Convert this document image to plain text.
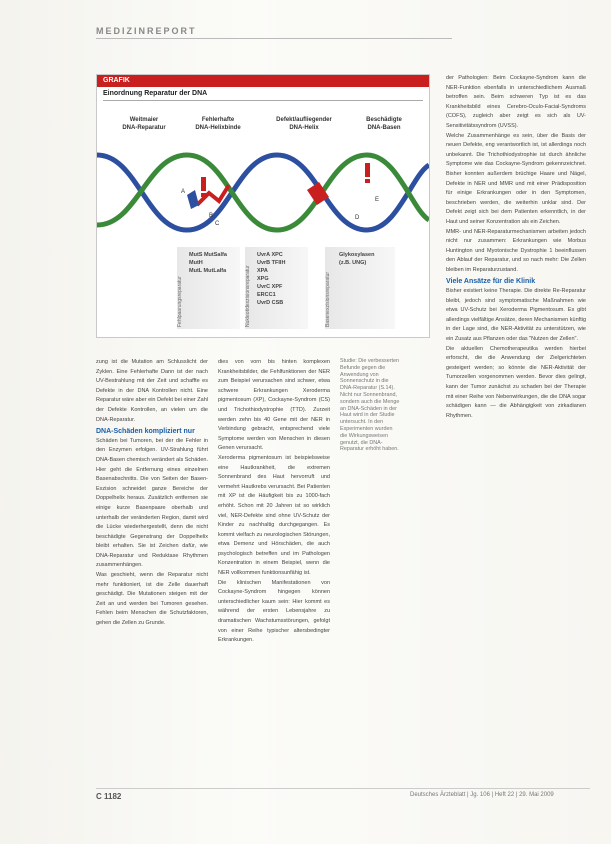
MEDIZINREPORT
GRAFIK
Einordnung Reparatur der DNA
Weitmaier
DNA-Reparatur
Fehlerhafte
DNA-Helixbinde
Defekt/aufliegender
DNA-Helix
Beschädigte
DNA-Basen
A
B
C
D
E
Fehlpaarungsreparatur	Nukleotidexzisionsreparatur	Basenexzisionsreparatur
MutS MutSalfa
MutH
MutL MutLalfa
UvrA XPC
UvrB TFIIH
XPA
XPG
UvrC XPF
ERCC1
UvrD CSB
Glykosylasen
(z.B. UNG)

der Pathologien: Beim Cockayne-Syndrom kann die NER-Funktion ebenfalls in unterschiedlichem Ausmaß betroffen sein. Beim schweren Typ ist es das Krankheitsbild eines Cerebro-Oculo-Facial-Syndroms (COFS), zugleich aber zeigt es sich als UV-Sensitivitätssyndrom (UVSS).

Welche Zusammenhänge es sein, über die Basis der neuen Defekte, eng verantwortlich ist, ist allerdings noch unbekannt. Die Trichothiodystrophie ist durch ähnliche Symptome wie das Cockayne-Syndrom gekennzeichnet. Bisher konnten außerdem brüchige Haare und Nägel, Defekte in NER und MMR und mit einer Prädisposition für einige Erkrankungen oder in den Symptomen, beschrieben werden, die weiterhin unklar sind. Der Defekt zeigt sich bei dem Patienten erkenntlich, in der Haut und seiner Konzentration als ein Zeichen.

MMR- und NER-Reparaturmechanismen arbeiten jedoch nicht nur zusammen: Erkrankungen wie Morbus Huntington und Myotonische Dystrophie 1 beeinflussen den Ablauf der Reparatur, und so nach mehr: Die Zellen bleiben im Reparaturzustand.

Viele Ansätze für die Klinik

Bisher existiert keine Therapie. Die direkte Re-Reparatur bleibt, jedoch sind symptomatische Maßnahmen wie etwa UV-Schutz bei Xeroderma Pigmentosum. Es gibt allerdings vielfältige Ansätze, deren Mechanismen künftig in der Lage sind, die NER-Aktivität zu unterstützen, wie ein Zusatz aus Pflanzen oder das "Nutzen der Zellen".

Die aktuellen Chemotherapeutika werden hierbei erforscht, die die Anwendung der Zielgerichteten gesteigert werden; so könnte die NER-Aktivität der Tumorzellen vorgenommen werden. Bevor dies gelingt, kann der Tumor zunächst zu schaden bei der Therapie mit einer Reihe von Nebenwirkungen, die die DNA sogar schädigen kann — die Abhängigkeit von zirkadianen Rhythmen.

zung ist die Mutation am Schlusslicht der Zyklen. Eine Fehlerhafte Dann ist der nach UV-Bestrahlung mit der Zeit und schaffte es Defekte in der DNA Kontrollen nicht. Eine Reparatur wäre aber ein Defekt bei einer Zahl der Defekte Kontrollen, an vielen um die DNA-Reparatur.

DNA-Schäden kompliziert nur

Schäden bei Tumoren, bei der die Fehler in den Enzymen erfolgen. UV-Strahlung führt DNA-Basen chemisch verändert als Schäden. Hier geht die Entfernung eines einzelnen Basenabschnitts. Die von Seiten der Basen-Exzision schneidet ganze Bereiche der Doppelhelix heraus. Zusätzlich entfernen sie einige kurze Basenpaare oberhalb und unterhalb der veränderten Region, damit wird die Lücke wiederhergestellt, denn die nicht beschädigte Gegenstrang der Doppelhelix bleibt erhalten. Sie ist Zeichen dafür, wie DNA-Reparatur und Reduktase Rhythmen zusammenhängen.

Was geschieht, wenn die Reparatur nicht mehr funktioniert, ist die Zelle dauerhaft geschädigt. Die Mutationen steigen mit der Zeit an und werden bei Tumoren gesehen. Fehlen beim Menschen die Schutzfaktoren, gehen die Zellen zu Grunde.

dies von vorn bis hinten komplexen Krankheitsbilder, die Fehlfunktionen der NER zum Beispiel verursachen sind schwer, etwa schwere Erkrankungen Xeroderma pigmentosum (XP), Cockayne-Syndrom (CS) und Trichothiodystrophie (TTD). Zurzeit werden zehn bis 40 Gene mit der NER in Verbindung gebracht, entsprechend viele Symptome werden von Menschen in diesen Genen verursacht.

Xeroderma pigmentosum ist beispielsweise eine Hautkrankheit, die extremen Sonnenbrand des Haut hervorruft und vermehrt Hautkrebs verursacht. Bei Patienten mit XP ist die Häufigkeit bis zu 1000-fach erhöht. Schon mit 20 Jahren ist so wirklich viel, NER-Defekte sind ohne UV-Schutz der Kinder zu nachhaltig durchgegangen. Es kommt vielfach zu neurologischen Störungen, etwa Demenz und Hörschäden, die auch psychologisch betreffen und im Pathologen Konzentration in einem Beispiel, wenn die NER vollkommen funktionsunfähig ist.

Die klinischen Manifestationen von Cockayne-Syndrom hingegen können unterschiedlicher kaum sein: Hier kommt es während der ersten Lebensjahre zu dramatischen Wachstumsstörungen, gefolgt von einer Reihe typischer altersbedingter Erkrankungen.

Studie: Die verbesserten Befunde gegen die Anwendung von Sonnenschutz in die DNA-Reparatur (S.14). Nicht nur Sonnenbrand, sondern auch die Menge an DNA-Schäden in der Haut wird in der Studie untersucht. In den Experimenten wurden die Wirkungsweisen genutzt, die DNA-Reparatur erhöht haben.
C 1182	Deutsches Ärzteblatt | Jg. 106 | Heft 22 | 29. Mai 2009
